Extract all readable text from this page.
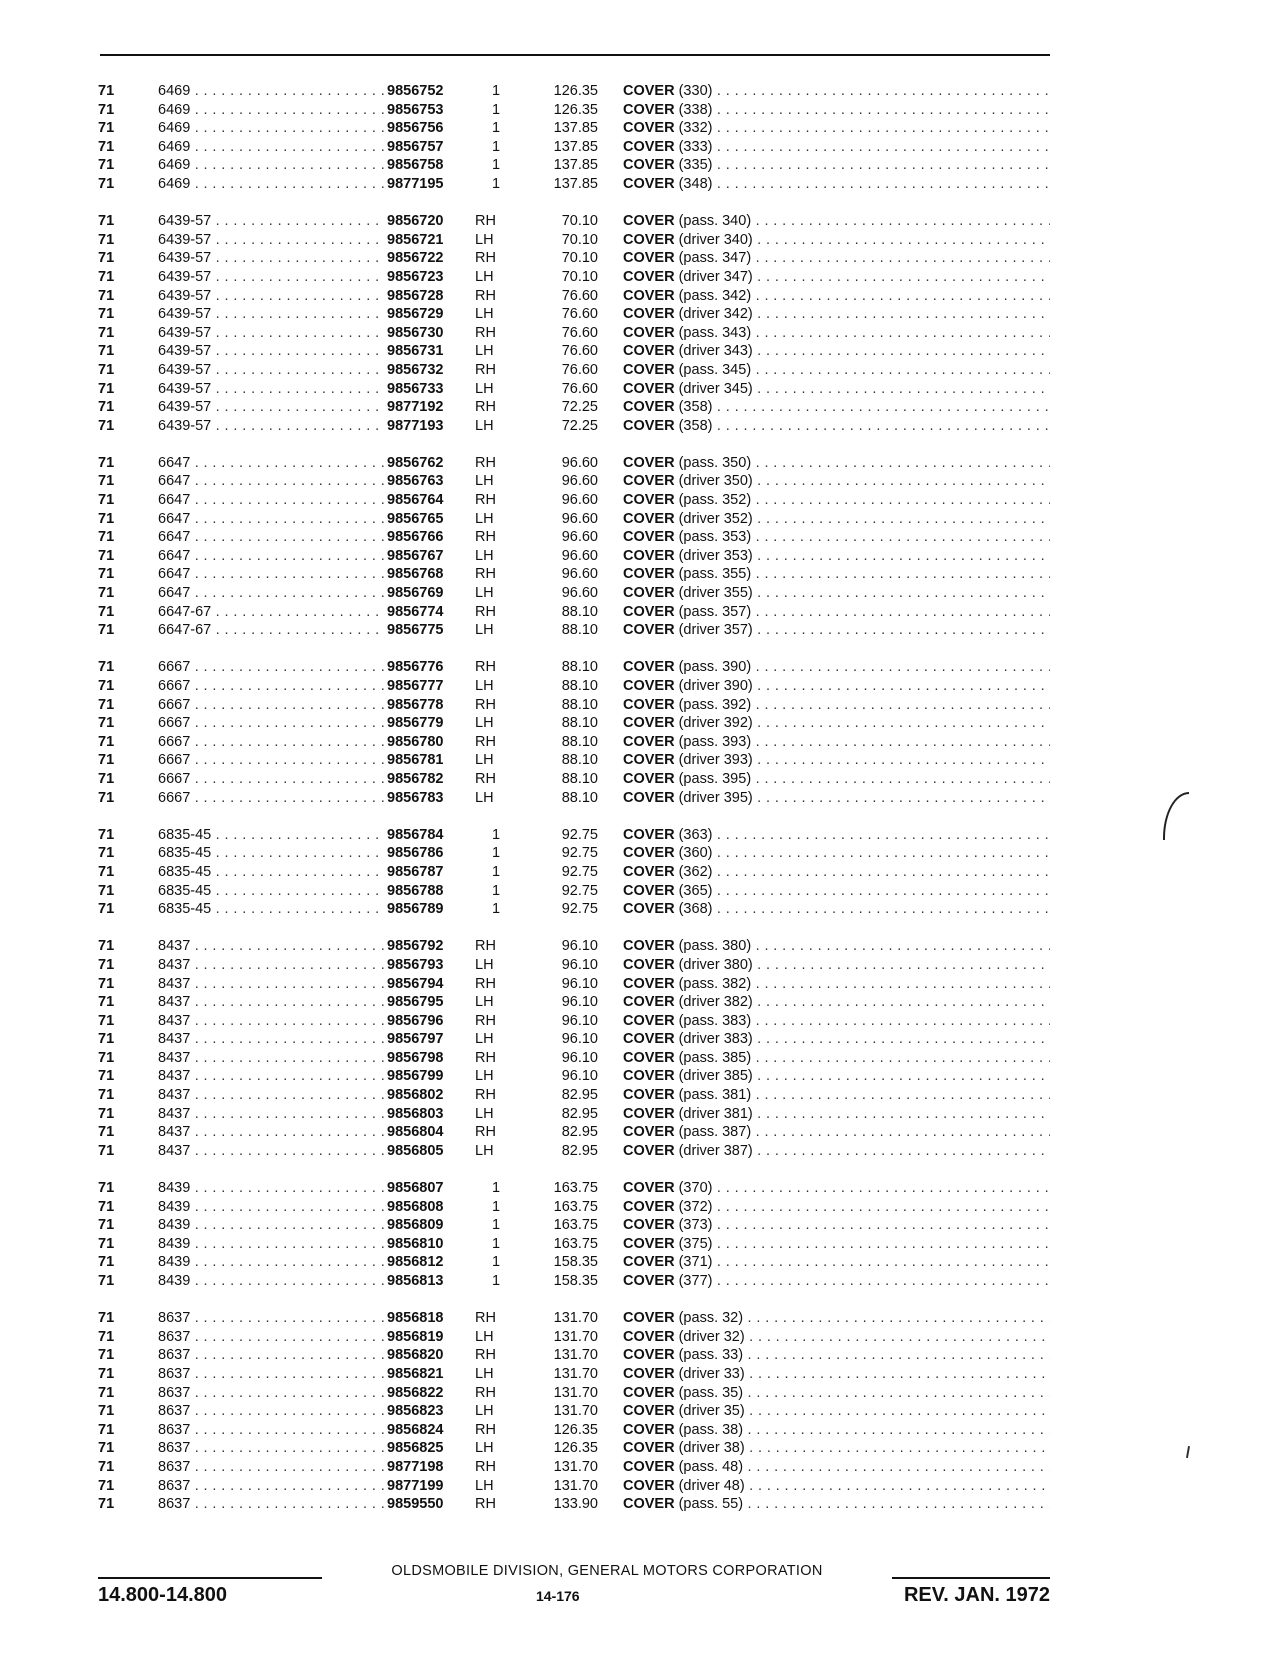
71	6469 . . .	9856752	1	126.35 COVER (330) . . .
71	6469 . . .	9856753	1	126.35 COVER (338) . . .
71	6469 . . .	9856756	1	137.85 COVER (332) . . .
71	6469 . . .	9856757	1	137.85 COVER (333) . . .
71	6469 . . .	9856758	1	137.85 COVER (335) . . .
71	6469 . . .	9877195	1	137.85 COVER (348) . . .
71	6439-57 . . .	9856720 RH	70.10 COVER (pass. 340) . . .
71	6439-57 . . .	9856721 LH	70.10 COVER (driver 340) . . .
71	6439-57 . . .	9856722 RH	70.10 COVER (pass. 347) . . .
71	6439-57 . . .	9856723 LH	70.10 COVER (driver 347) . . .
71	6439-57 . . .	9856728 RH	76.60 COVER (pass. 342) . . .
71	6439-57 . . .	9856729 LH	76.60 COVER (driver 342) . . .
71	6439-57 . . .	9856730 RH	76.60 COVER (pass. 343) . . .
71	6439-57 . . .	9856731 LH	76.60 COVER (driver 343) . . .
71	6439-57 . . .	9856732 RH	76.60 COVER (pass. 345) . . .
71	6439-57 . . .	9856733 LH	76.60 COVER (driver 345) . . .
71	6439-57 . . .	9877192 RH	72.25 COVER (358) . . .
71	6439-57 . . .	9877193 LH	72.25 COVER (358) . . .
71	6647 . . .	9856762 RH	96.60 COVER (pass. 350) . . .
71	6647 . . .	9856763 LH	96.60 COVER (driver 350) . . .
71	6647 . . .	9856764 RH	96.60 COVER (pass. 352) . . .
71	6647 . . .	9856765 LH	96.60 COVER (driver 352) . . .
71	6647 . . .	9856766 RH	96.60 COVER (pass. 353) . . .
71	6647 . . .	9856767 LH	96.60 COVER (driver 353) . . .
71	6647 . . .	9856768 RH	96.60 COVER (pass. 355) . . .
71	6647 . . .	9856769 LH	96.60 COVER (driver 355) . . .
71	6647-67 . . .	9856774 RH	88.10 COVER (pass. 357) . . .
71	6647-67 . . .	9856775 LH	88.10 COVER (driver 357) . . .
71	6667 . . .	9856776 RH	88.10 COVER (pass. 390) . . .
71	6667 . . .	9856777 LH	88.10 COVER (driver 390) . . .
71	6667 . . .	9856778 RH	88.10 COVER (pass. 392) . . .
71	6667 . . .	9856779 LH	88.10 COVER (driver 392) . . .
71	6667 . . .	9856780 RH	88.10 COVER (pass. 393) . . .
71	6667 . . .	9856781 LH	88.10 COVER (driver 393) . . .
71	6667 . . .	9856782 RH	88.10 COVER (pass. 395) . . .
71	6667 . . .	9856783 LH	88.10 COVER (driver 395) . . .
71	6835-45 . . .	9856784	1	92.75 COVER (363) . . .
71	6835-45 . . .	9856786	1	92.75 COVER (360) . . .
71	6835-45 . . .	9856787	1	92.75 COVER (362) . . .
71	6835-45 . . .	9856788	1	92.75 COVER (365) . . .
71	6835-45 . . .	9856789	1	92.75 COVER (368) . . .
71	8437 . . .	9856792 RH	96.10 COVER (pass. 380) . . .
71	8437 . . .	9856793 LH	96.10 COVER (driver 380) . . .
71	8437 . . .	9856794 RH	96.10 COVER (pass. 382) . . .
71	8437 . . .	9856795 LH	96.10 COVER (driver 382) . . .
71	8437 . . .	9856796 RH	96.10 COVER (pass. 383) . . .
71	8437 . . .	9856797 LH	96.10 COVER (driver 383) . . .
71	8437 . . .	9856798 RH	96.10 COVER (pass. 385) . . .
71	8437 . . .	9856799 LH	96.10 COVER (driver 385) . . .
71	8437 . . .	9856802 RH	82.95 COVER (pass. 381) . . .
71	8437 . . .	9856803 LH	82.95 COVER (driver 381) . . .
71	8437 . . .	9856804 RH	82.95 COVER (pass. 387) . . .
71	8437 . . .	9856805 LH	82.95 COVER (driver 387) . . .
71	8439 . . .	9856807	1	163.75 COVER (370) . . .
71	8439 . . .	9856808	1	163.75 COVER (372) . . .
71	8439 . . .	9856809	1	163.75 COVER (373) . . .
71	8439 . . .	9856810	1	163.75 COVER (375) . . .
71	8439 . . .	9856812	1	158.35 COVER (371) . . .
71	8439 . . .	9856813	1	158.35 COVER (377) . . .
71	8637 . . .	9856818 RH	131.70 COVER (pass. 32) . . .
71	8637 . . .	9856819 LH	131.70 COVER (driver 32) . . .
71	8637 . . .	9856820 RH	131.70 COVER (pass. 33) . . .
71	8637 . . .	9856821 LH	131.70 COVER (driver 33) . . .
71	8637 . . .	9856822 RH	131.70 COVER (pass. 35) . . .
71	8637 . . .	9856823 LH	131.70 COVER (driver 35) . . .
71	8637 . . .	9856824 RH	126.35 COVER (pass. 38) . . .
71	8637 . . .	9856825 LH	126.35 COVER (driver 38) . . .
71	8637 . . .	9877198 RH	131.70 COVER (pass. 48) . . .
71	8637 . . .	9877199 LH	131.70 COVER (driver 48) . . .
71	8637 . . .	9859550 RH	133.90 COVER (pass. 55) . . .
OLDSMOBILE DIVISION, GENERAL MOTORS CORPORATION
14.800-14.800	14-176	REV. JAN. 1972
